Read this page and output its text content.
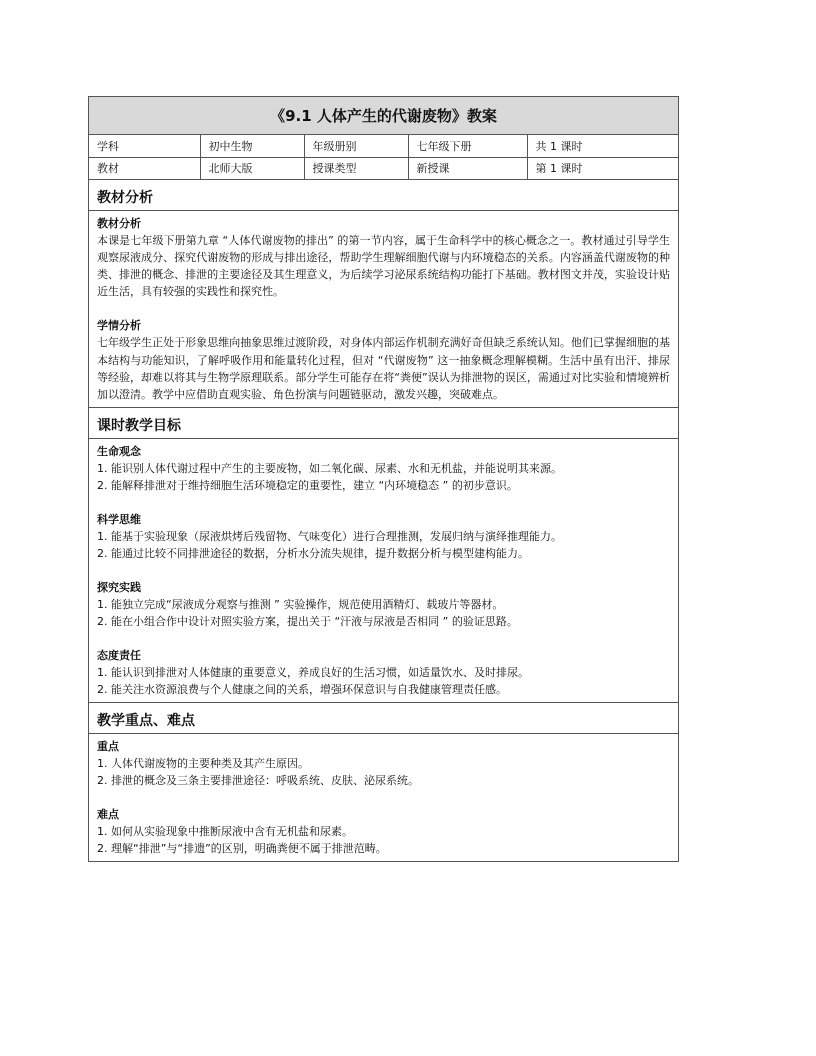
《9.1 人体产生的代谢废物》教案
学科	初中生物	年级册别	七年级下册	共 1 课时
教材	北师大版	授课类型	新授课	第 1 课时
教材分析
教材分析
本课是七年级下册第九章 “人体代谢废物的排出” 的第一节内容，属于生命科学中的核心概念之一。教材通过引导学生观察尿液成分、探究代谢废物的形成与排出途径，帮助学生理解细胞代谢与内环境稳态的关系。内容涵盖代谢废物的种类、排泄的概念、排泄的主要途径及其生理意义，为后续学习泌尿系统结构功能打下基础。教材图文并茂，实验设计贴近生活，具有较强的实践性和探究性。
学情分析
七年级学生正处于形象思维向抽象思维过渡阶段，对身体内部运作机制充满好奇但缺乏系统认知。他们已掌握细胞的基本结构与功能知识，了解呼吸作用和能量转化过程，但对 “代谢废物” 这一抽象概念理解模糊。生活中虽有出汗、排尿等经验，却难以将其与生物学原理联系。部分学生可能存在将“粪便”误认为排泄物的误区，需通过对比实验和情境辨析加以澄清。教学中应借助直观实验、角色扮演与问题链驱动，激发兴趣，突破难点。
课时教学目标
生命观念
1. 能识别人体代谢过程中产生的主要废物，如二氧化碳、尿素、水和无机盐，并能说明其来源。
2. 能解释排泄对于维持细胞生活环境稳定的重要性，建立 “内环境稳态 ” 的初步意识。
科学思维
1. 能基于实验现象（尿液烘烤后残留物、气味变化）进行合理推测，发展归纳与演绎推理能力。
2. 能通过比较不同排泄途径的数据，分析水分流失规律，提升数据分析与模型建构能力。
探究实践
1. 能独立完成“尿液成分观察与推测 ” 实验操作，规范使用酒精灯、载玻片等器材。
2. 能在小组合作中设计对照实验方案，提出关于 “汗液与尿液是否相同 ” 的验证思路。
态度责任
1. 能认识到排泄对人体健康的重要意义，养成良好的生活习惯，如适量饮水、及时排尿。
2. 能关注水资源浪费与个人健康之间的关系，增强环保意识与自我健康管理责任感。
教学重点、难点
重点
1. 人体代谢废物的主要种类及其产生原因。
2. 排泄的概念及三条主要排泄途径：呼吸系统、皮肤、泌尿系统。
难点
1. 如何从实验现象中推断尿液中含有无机盐和尿素。
2. 理解“排泄”与“排遗”的区别，明确粪便不属于排泄范畴。
